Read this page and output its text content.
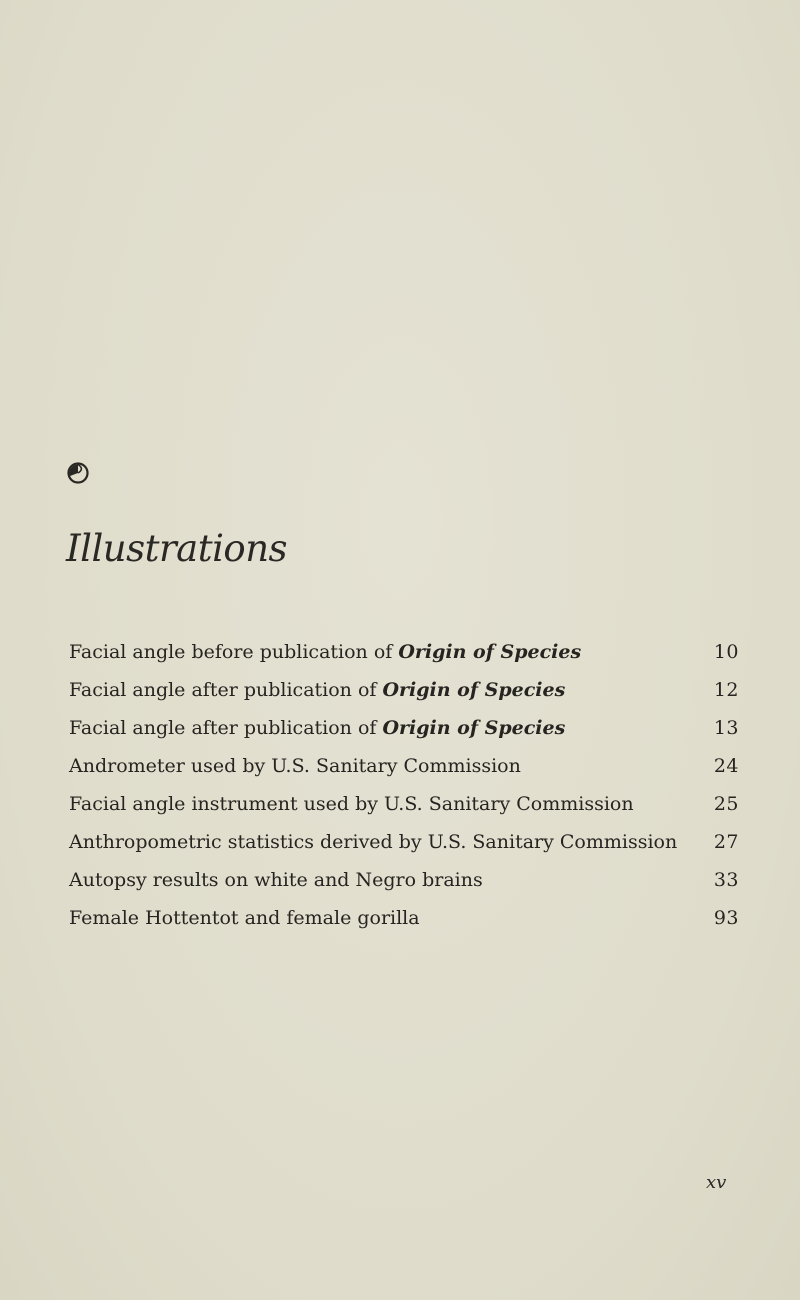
Illustrations
Facial angle before publication of Origin of Species	10
Facial angle after publication of Origin of Species	12
Facial angle after publication of Origin of Species	13
Andrometer used by U.S. Sanitary Commission	24
Facial angle instrument used by U.S. Sanitary Commission	25
Anthropometric statistics derived by U.S. Sanitary Commission	27
Autopsy results on white and Negro brains	33
Female Hottentot and female gorilla	93
xv
